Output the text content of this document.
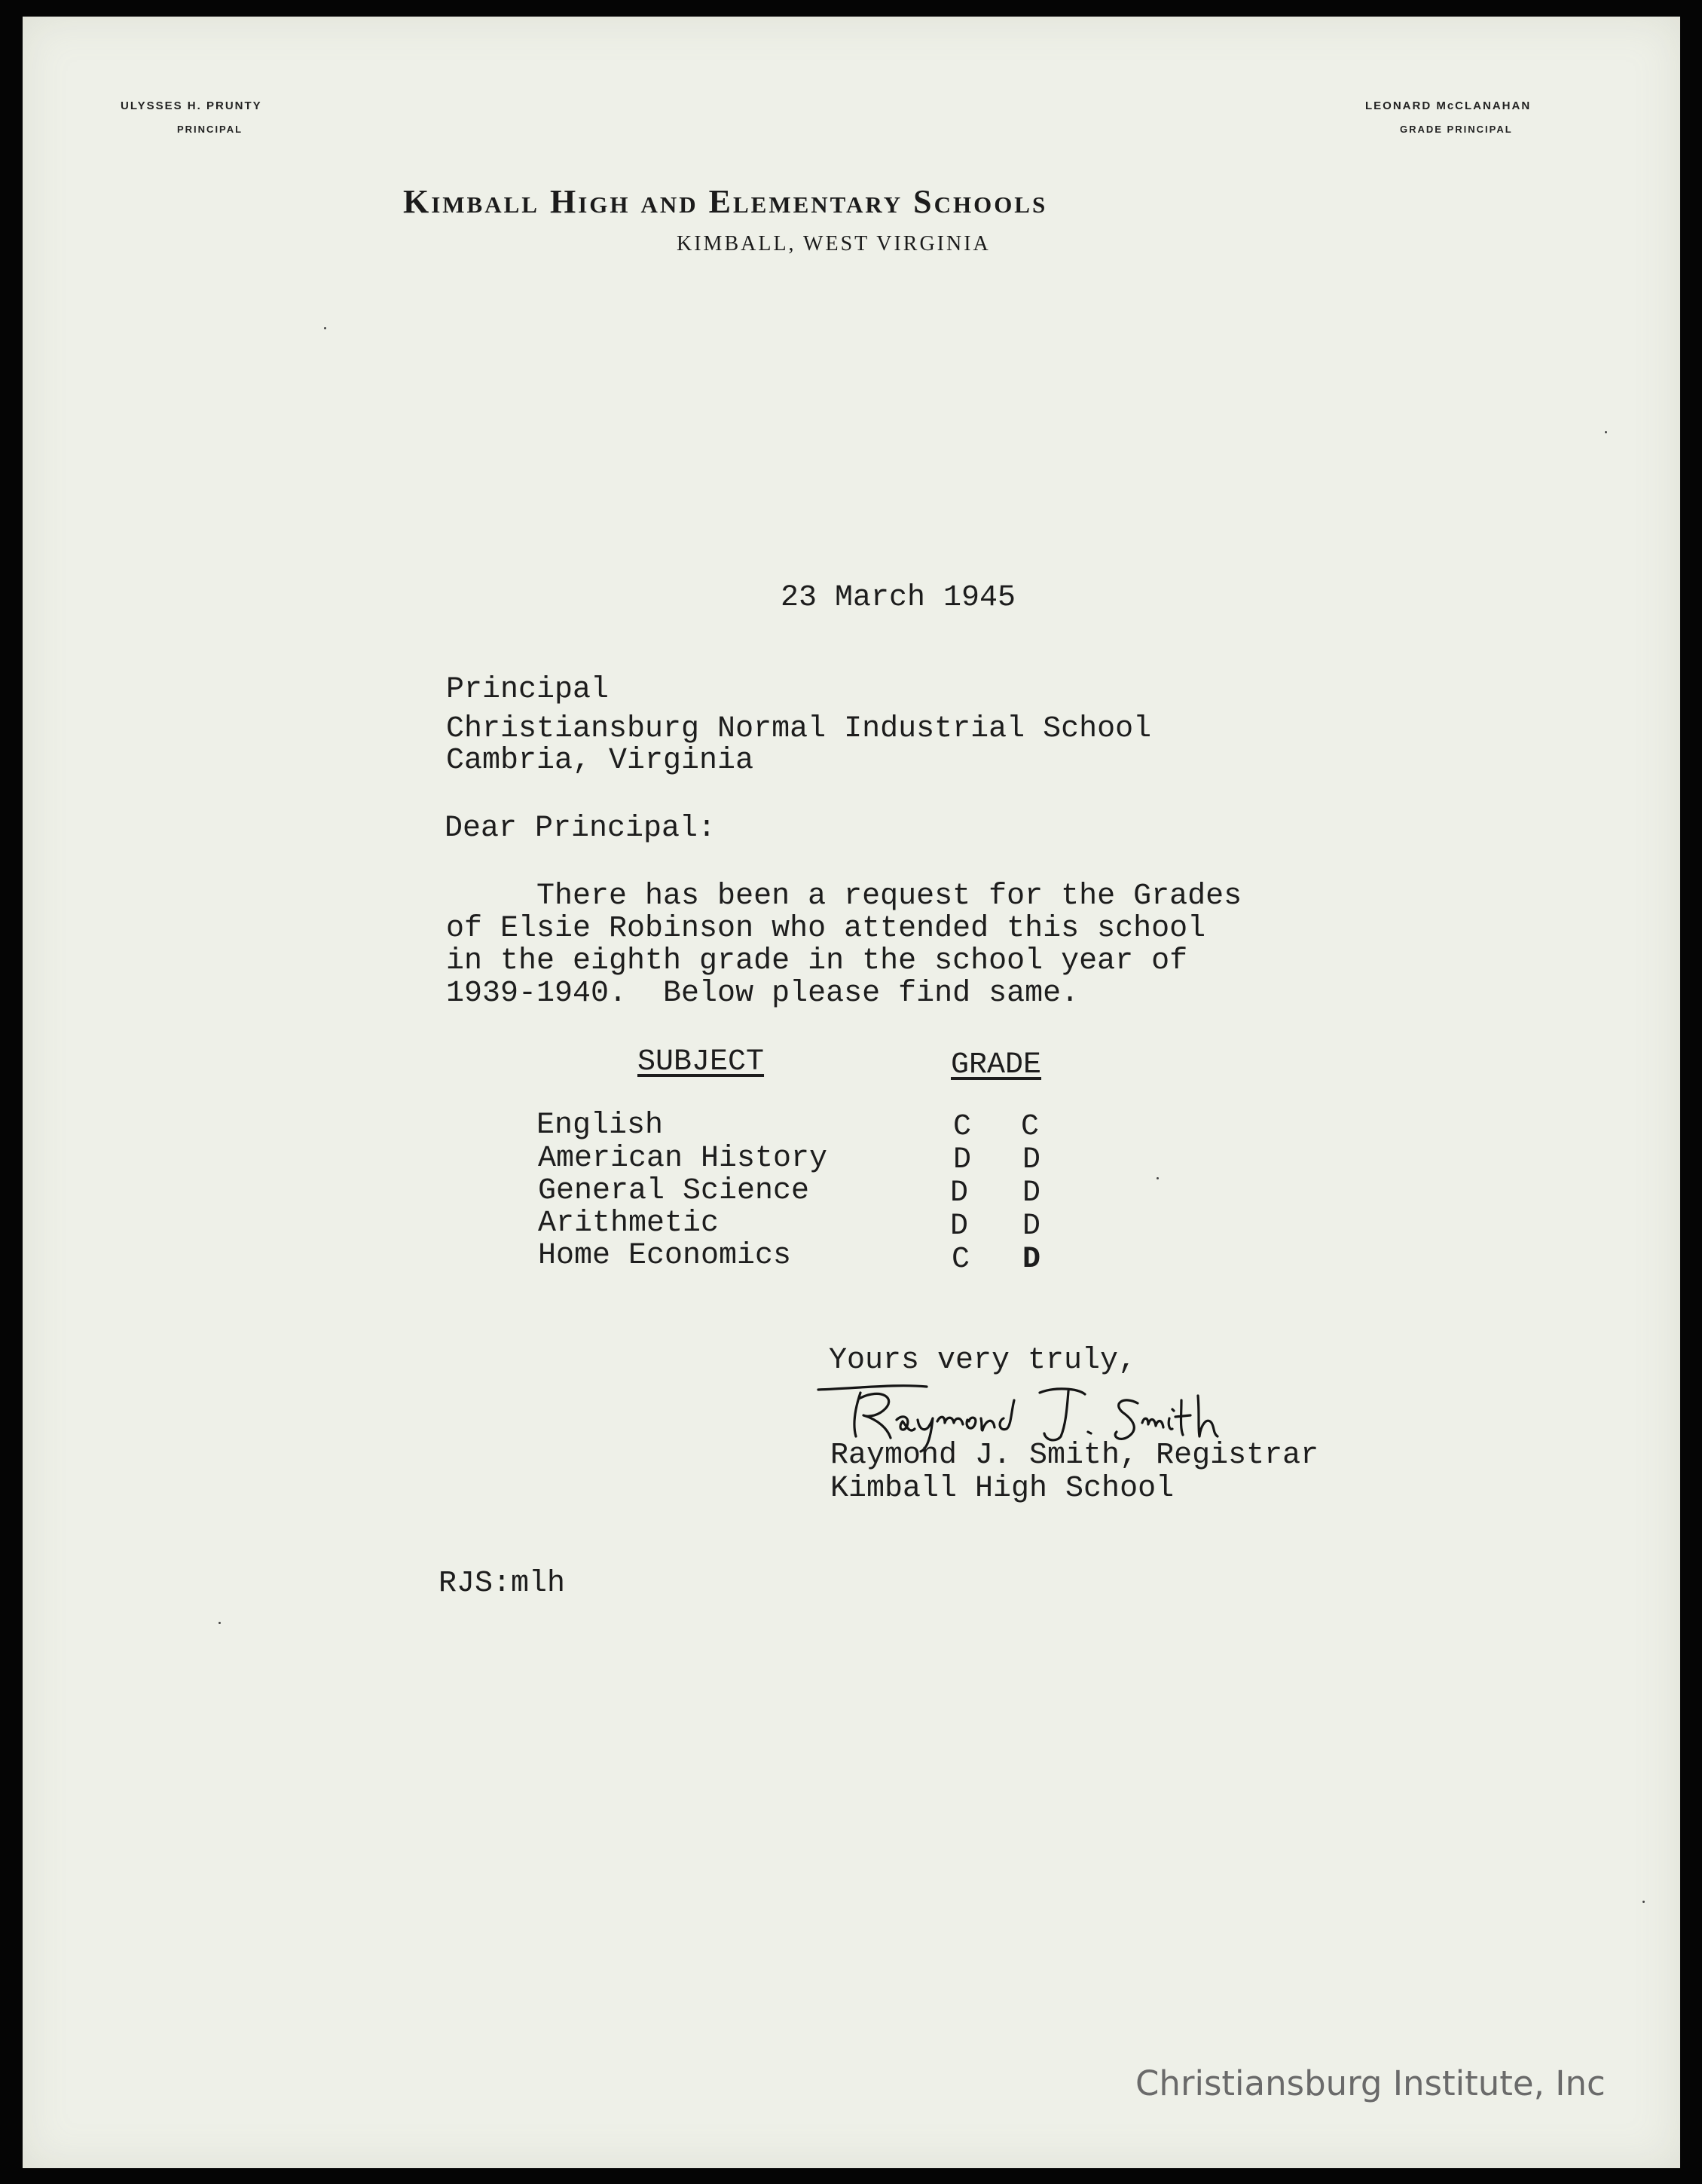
ULYSSES H. PRUNTY
PRINCIPAL
LEONARD McCLANAHAN
GRADE PRINCIPAL
Kimball High and Elementary Schools
KIMBALL, WEST VIRGINIA
23 March 1945
Principal
Christiansburg Normal Industrial School
Cambria, Virginia
Dear Principal:
There has been a request for the Grades
of Elsie Robinson who attended this school
in the eighth grade in the school year of
1939-1940.  Below please find same.
SUBJECT	GRADE
English	C C
American History	D D
General Science	D D
Arithmetic	D D
Home Economics	C D
Yours very truly,
Raymond J. Smith, Registrar
Kimball High School
RJS:mlh
Christiansburg Institute, Inc
